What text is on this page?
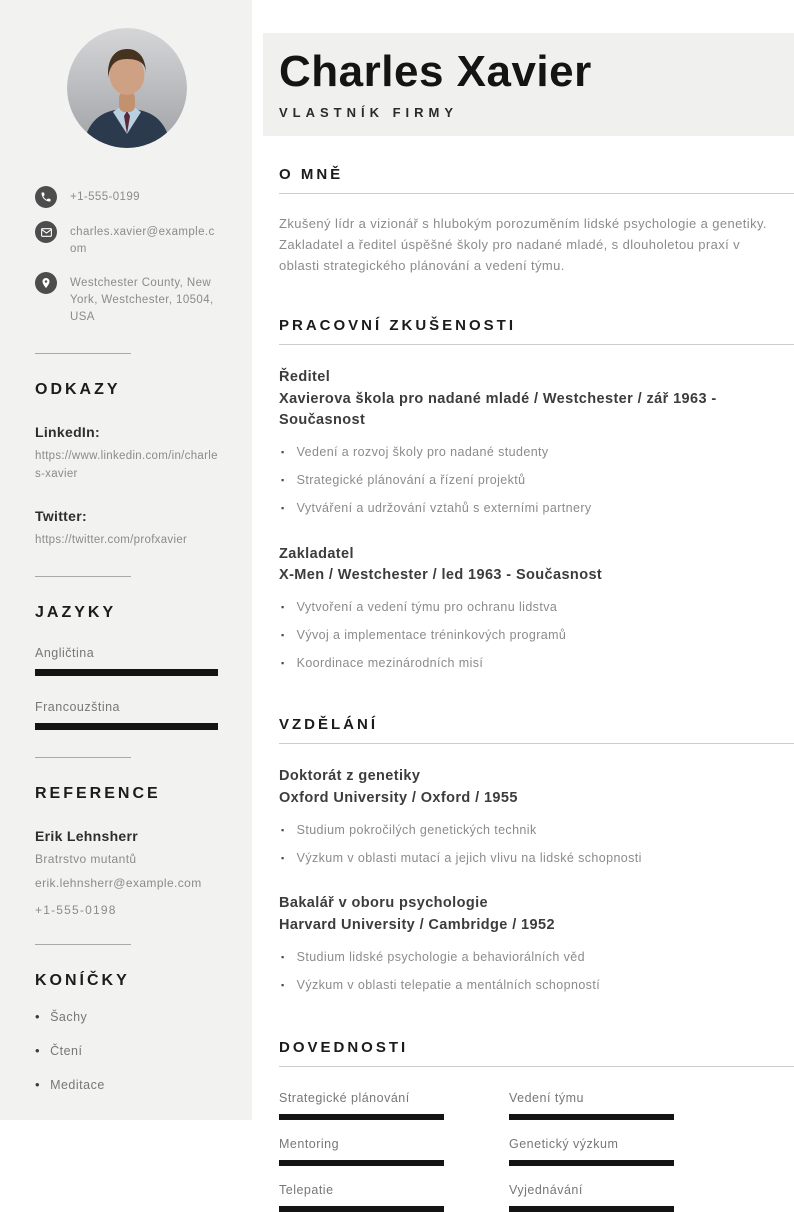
+1-555-0199
charles.xavier@example.com
Westchester County, New York, Westchester, 10504, USA
ODKAZY
LinkedIn:
https://www.linkedin.com/in/charles-xavier
Twitter:
https://twitter.com/profxavier
JAZYKY
Angličtina
Francouzština
REFERENCE
Erik Lehnsherr
Bratrstvo mutantů
erik.lehnsherr@example.com
+1-555-0198
KONÍČKY
• Šachy
• Čtení
• Meditace
Charles Xavier
VLASTNÍK FIRMY
O MNĚ

Zkušený lídr a vizionář s hlubokým porozuměním lidské psychologie a genetiky. Zakladatel a ředitel úspěšné školy pro nadané mladé, s dlouholetou praxí v oblasti strategického plánování a vedení týmu.

PRACOVNÍ ZKUŠENOSTI
Ředitel
Xavierova škola pro nadané mladé / Westchester / zář 1963 - Současnost
▪ Vedení a rozvoj školy pro nadané studenty
▪ Strategické plánování a řízení projektů
▪ Vytváření a udržování vztahů s externími partnery
Zakladatel
X-Men / Westchester / led 1963 - Současnost
▪ Vytvoření a vedení týmu pro ochranu lidstva
▪ Vývoj a implementace tréninkových programů
▪ Koordinace mezinárodních misí
VZDĚLÁNÍ
Doktorát z genetiky
Oxford University / Oxford / 1955
▪ Studium pokročilých genetických technik
▪ Výzkum v oblasti mutací a jejich vlivu na lidské schopnosti
Bakalář v oboru psychologie
Harvard University / Cambridge / 1952
▪ Studium lidské psychologie a behaviorálních věd
▪ Výzkum v oblasti telepatie a mentálních schopností
DOVEDNOSTI
Strategické plánování	Vedení týmu
Mentoring	Genetický výzkum
Telepatie	Vyjednávání
